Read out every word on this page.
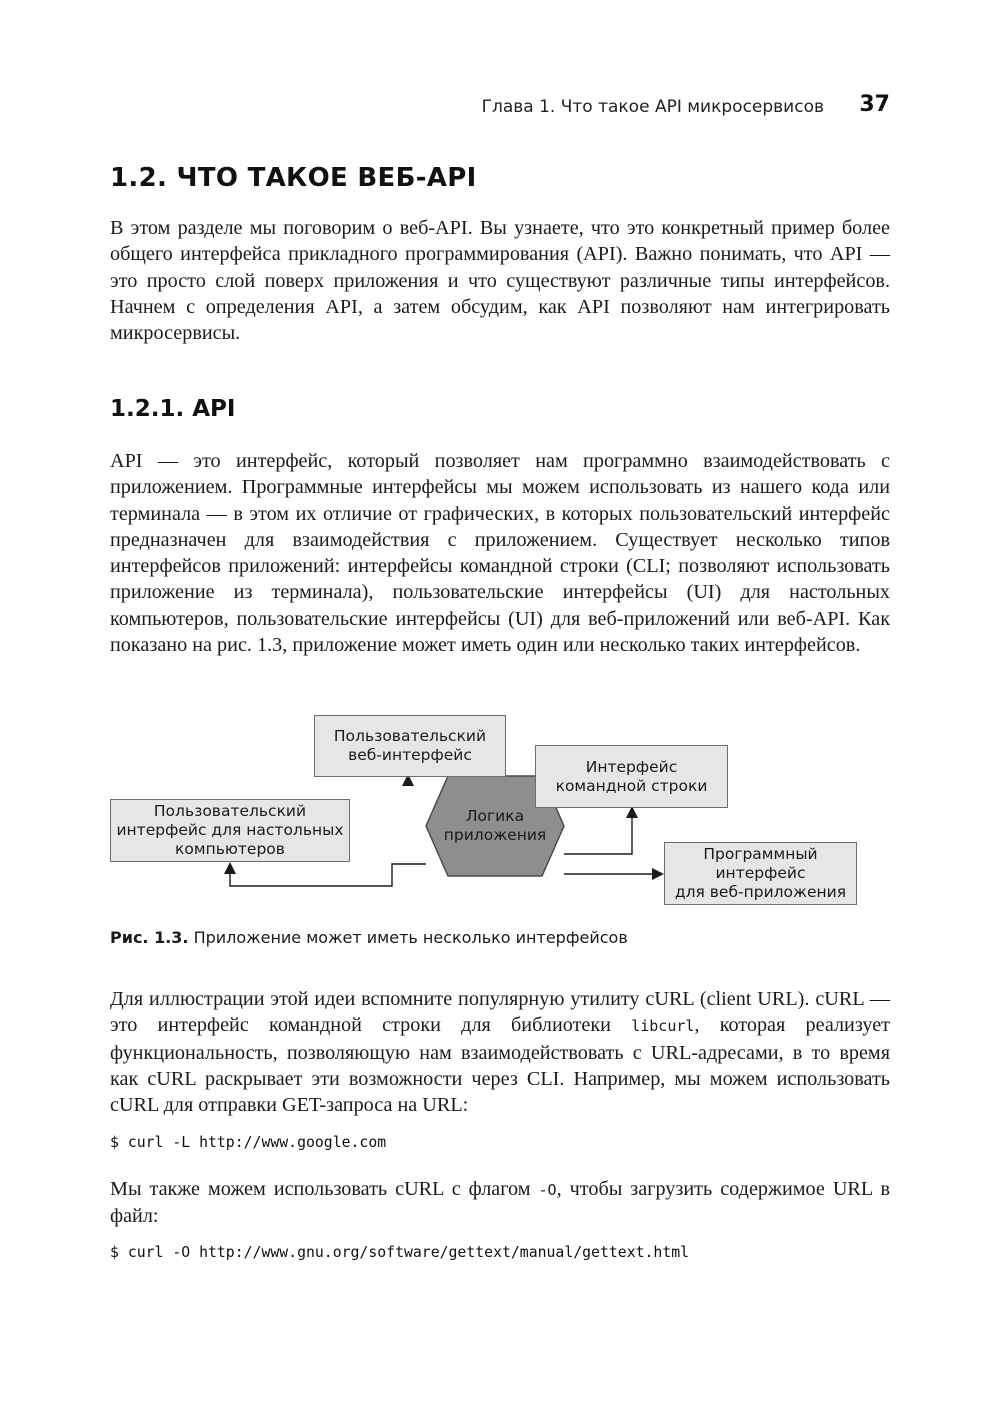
Глава 1. Что такое API микросервисов 37
1.2. ЧТО ТАКОЕ ВЕБ-API

В этом разделе мы поговорим о веб-API. Вы узнаете, что это конкретный пример более общего интерфейса прикладного программирования (API). Важно понимать, что API — это просто слой поверх приложения и что существуют различные типы интерфейсов. Начнем с определения API, а затем обсудим, как API позволяют нам интегрировать микросервисы.

1.2.1. API

API — это интерфейс, который позволяет нам программно взаимодействовать с приложением. Программные интерфейсы мы можем использовать из нашего кода или терминала — в этом их отличие от графических, в которых пользовательский интерфейс предназначен для взаимодействия с приложением. Существует несколько типов интерфейсов приложений: интерфейсы командной строки (CLI; позволяют использовать приложение из терминала), пользовательские интерфейсы (UI) для настольных компьютеров, пользовательские интерфейсы (UI) для веб-приложений или веб-API. Как показано на рис. 1.3, приложение может иметь один или несколько таких интерфейсов.

Пользовательский
веб-интерфейс
Интерфейс
командной строки
Пользовательский
интерфейс для настольных
компьютеров
Логика
приложения
Программный
интерфейс
для веб-приложения

Рис. 1.3. Приложение может иметь несколько интерфейсов

Для иллюстрации этой идеи вспомните популярную утилиту cURL (client URL). cURL — это интерфейс командной строки для библиотеки libcurl, которая реализует функциональность, позволяющую нам взаимодействовать с URL-адресами, в то время как cURL раскрывает эти возможности через CLI. Например, мы можем использовать cURL для отправки GET-запроса на URL:

$ curl -L http://www.google.com

Мы также можем использовать cURL с флагом -O, чтобы загрузить содержимое URL в файл:

$ curl -O http://www.gnu.org/software/gettext/manual/gettext.html
